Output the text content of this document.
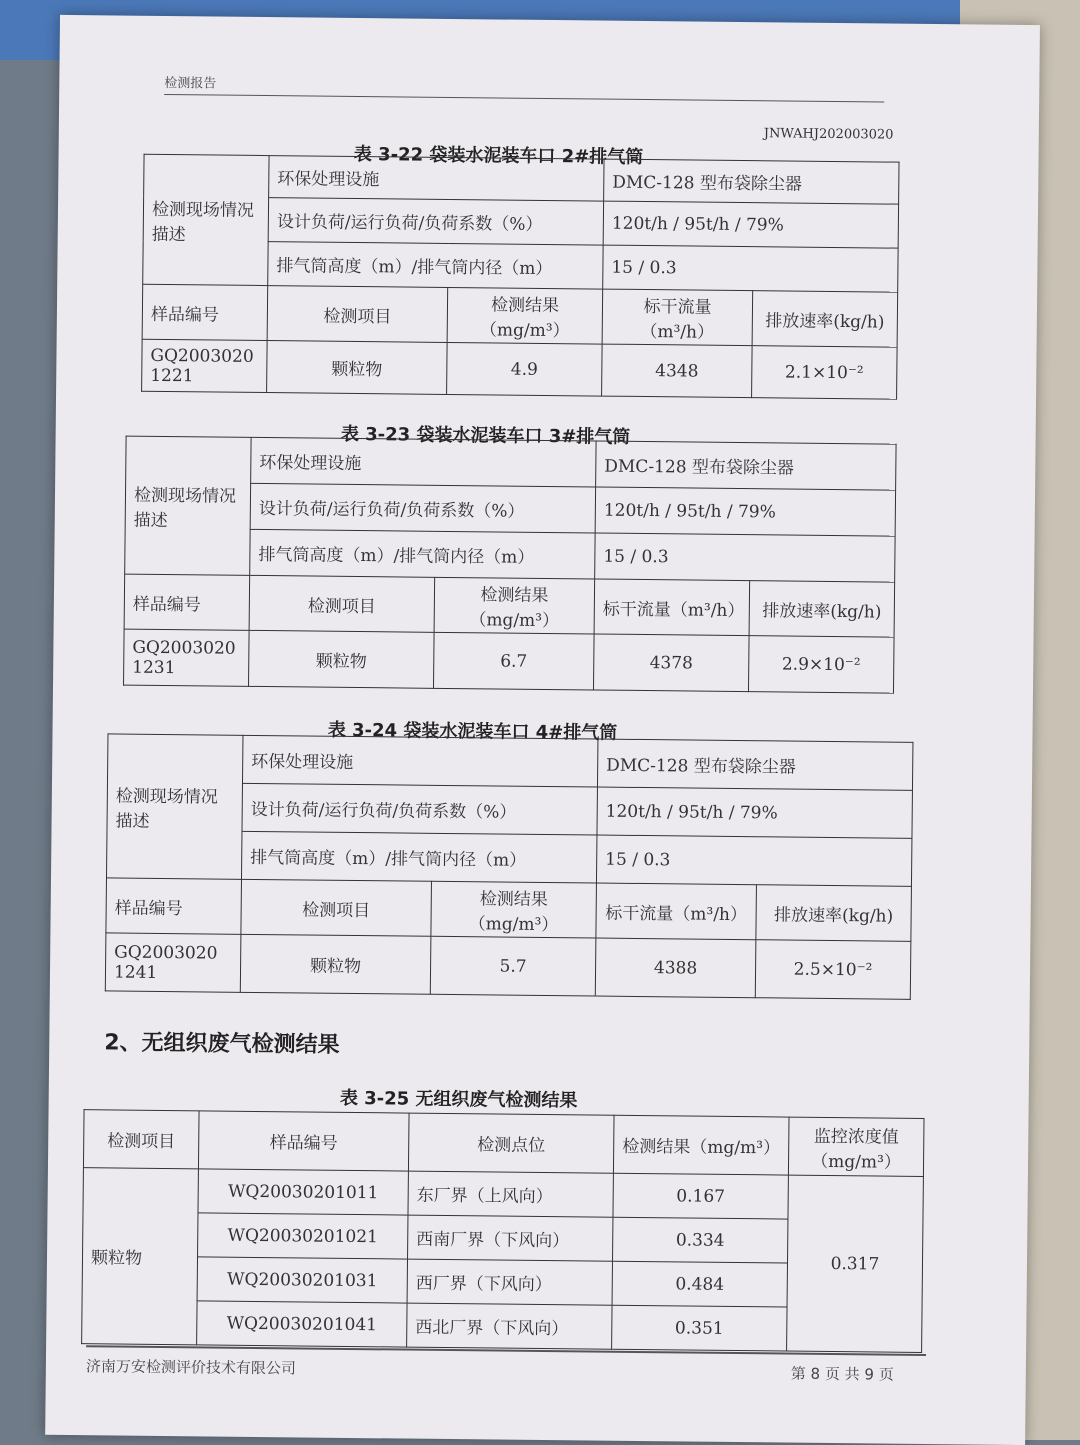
检测报告
JNWAHJ202003020
表 3-22 袋装水泥装车口 2#排气筒
检测现场情况描述	环保处理设施		DMC-128 型布袋除尘器	
	设计负荷/运行负荷/负荷系数（%）		120t/h / 95t/h / 79%	
	排气筒高度（m）/排气筒内径（m）		15 / 0.3	
样品编号	检测项目	检测结果（mg/m³）	标干流量（m³/h）	排放速率(kg/h)
GQ2003020 1221	颗粒物	4.9	4348	2.1×10⁻²
表 3-23 袋装水泥装车口 3#排气筒
检测现场情况描述	环保处理设施		DMC-128 型布袋除尘器	
	设计负荷/运行负荷/负荷系数（%）		120t/h / 95t/h / 79%	
	排气筒高度（m）/排气筒内径（m）		15 / 0.3	
样品编号	检测项目	检测结果（mg/m³）	标干流量（m³/h）	排放速率(kg/h)
GQ2003020 1231	颗粒物	6.7	4378	2.9×10⁻²
表 3-24 袋装水泥装车口 4#排气筒
检测现场情况描述	环保处理设施		DMC-128 型布袋除尘器	
	设计负荷/运行负荷/负荷系数（%）		120t/h / 95t/h / 79%	
	排气筒高度（m）/排气筒内径（m）		15 / 0.3	
样品编号	检测项目	检测结果（mg/m³）	标干流量（m³/h）	排放速率(kg/h)
GQ2003020 1241	颗粒物	5.7	4388	2.5×10⁻²
2、无组织废气检测结果
表 3-25 无组织废气检测结果
检测项目	样品编号	检测点位	检测结果（mg/m³）	监控浓度值（mg/m³）
颗粒物	WQ20030201011	东厂界（上风向）	0.167	0.317
	WQ20030201021	西南厂界（下风向）	0.334	
	WQ20030201031	西厂界（下风向）	0.484	
	WQ20030201041	西北厂界（下风向）	0.351	
济南万安检测评价技术有限公司	第 8 页 共 9 页
